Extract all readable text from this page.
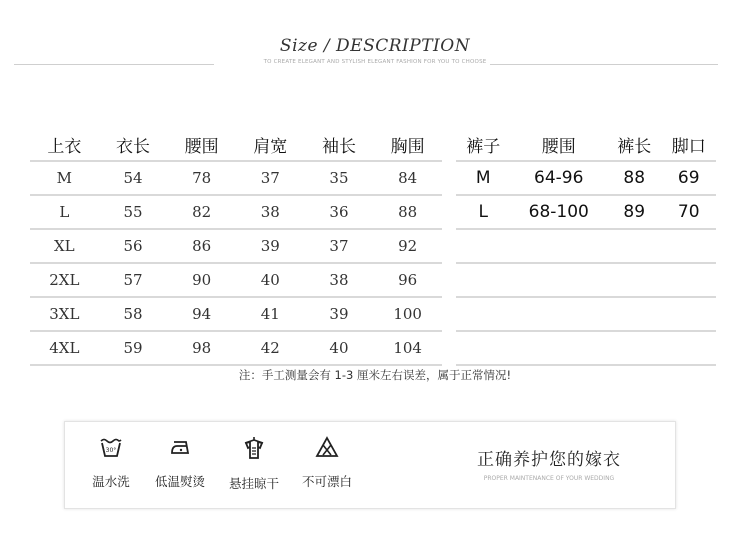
Size / DESCRIPTION
TO CREATE ELEGANT AND STYLISH ELEGANT FASHION FOR YOU TO CHOOSE
上衣	衣长	腰围	肩宽	袖长	胸围
M	54	78	37	35	84
L	55	82	38	36	88
XL	56	86	39	37	92
2XL	57	90	40	38	96
3XL	58	94	41	39	100
4XL	59	98	42	40	104
裤子	腰围	裤长	脚口
M	64-96	88	69
L	68-100	89	70

注：手工测量会有 1-3 厘米左右误差，属于正常情况!
30°
温水洗	低温熨烫	悬挂晾干	不可漂白
正确养护您的嫁衣
PROPER MAINTENANCE OF YOUR WEDDING
